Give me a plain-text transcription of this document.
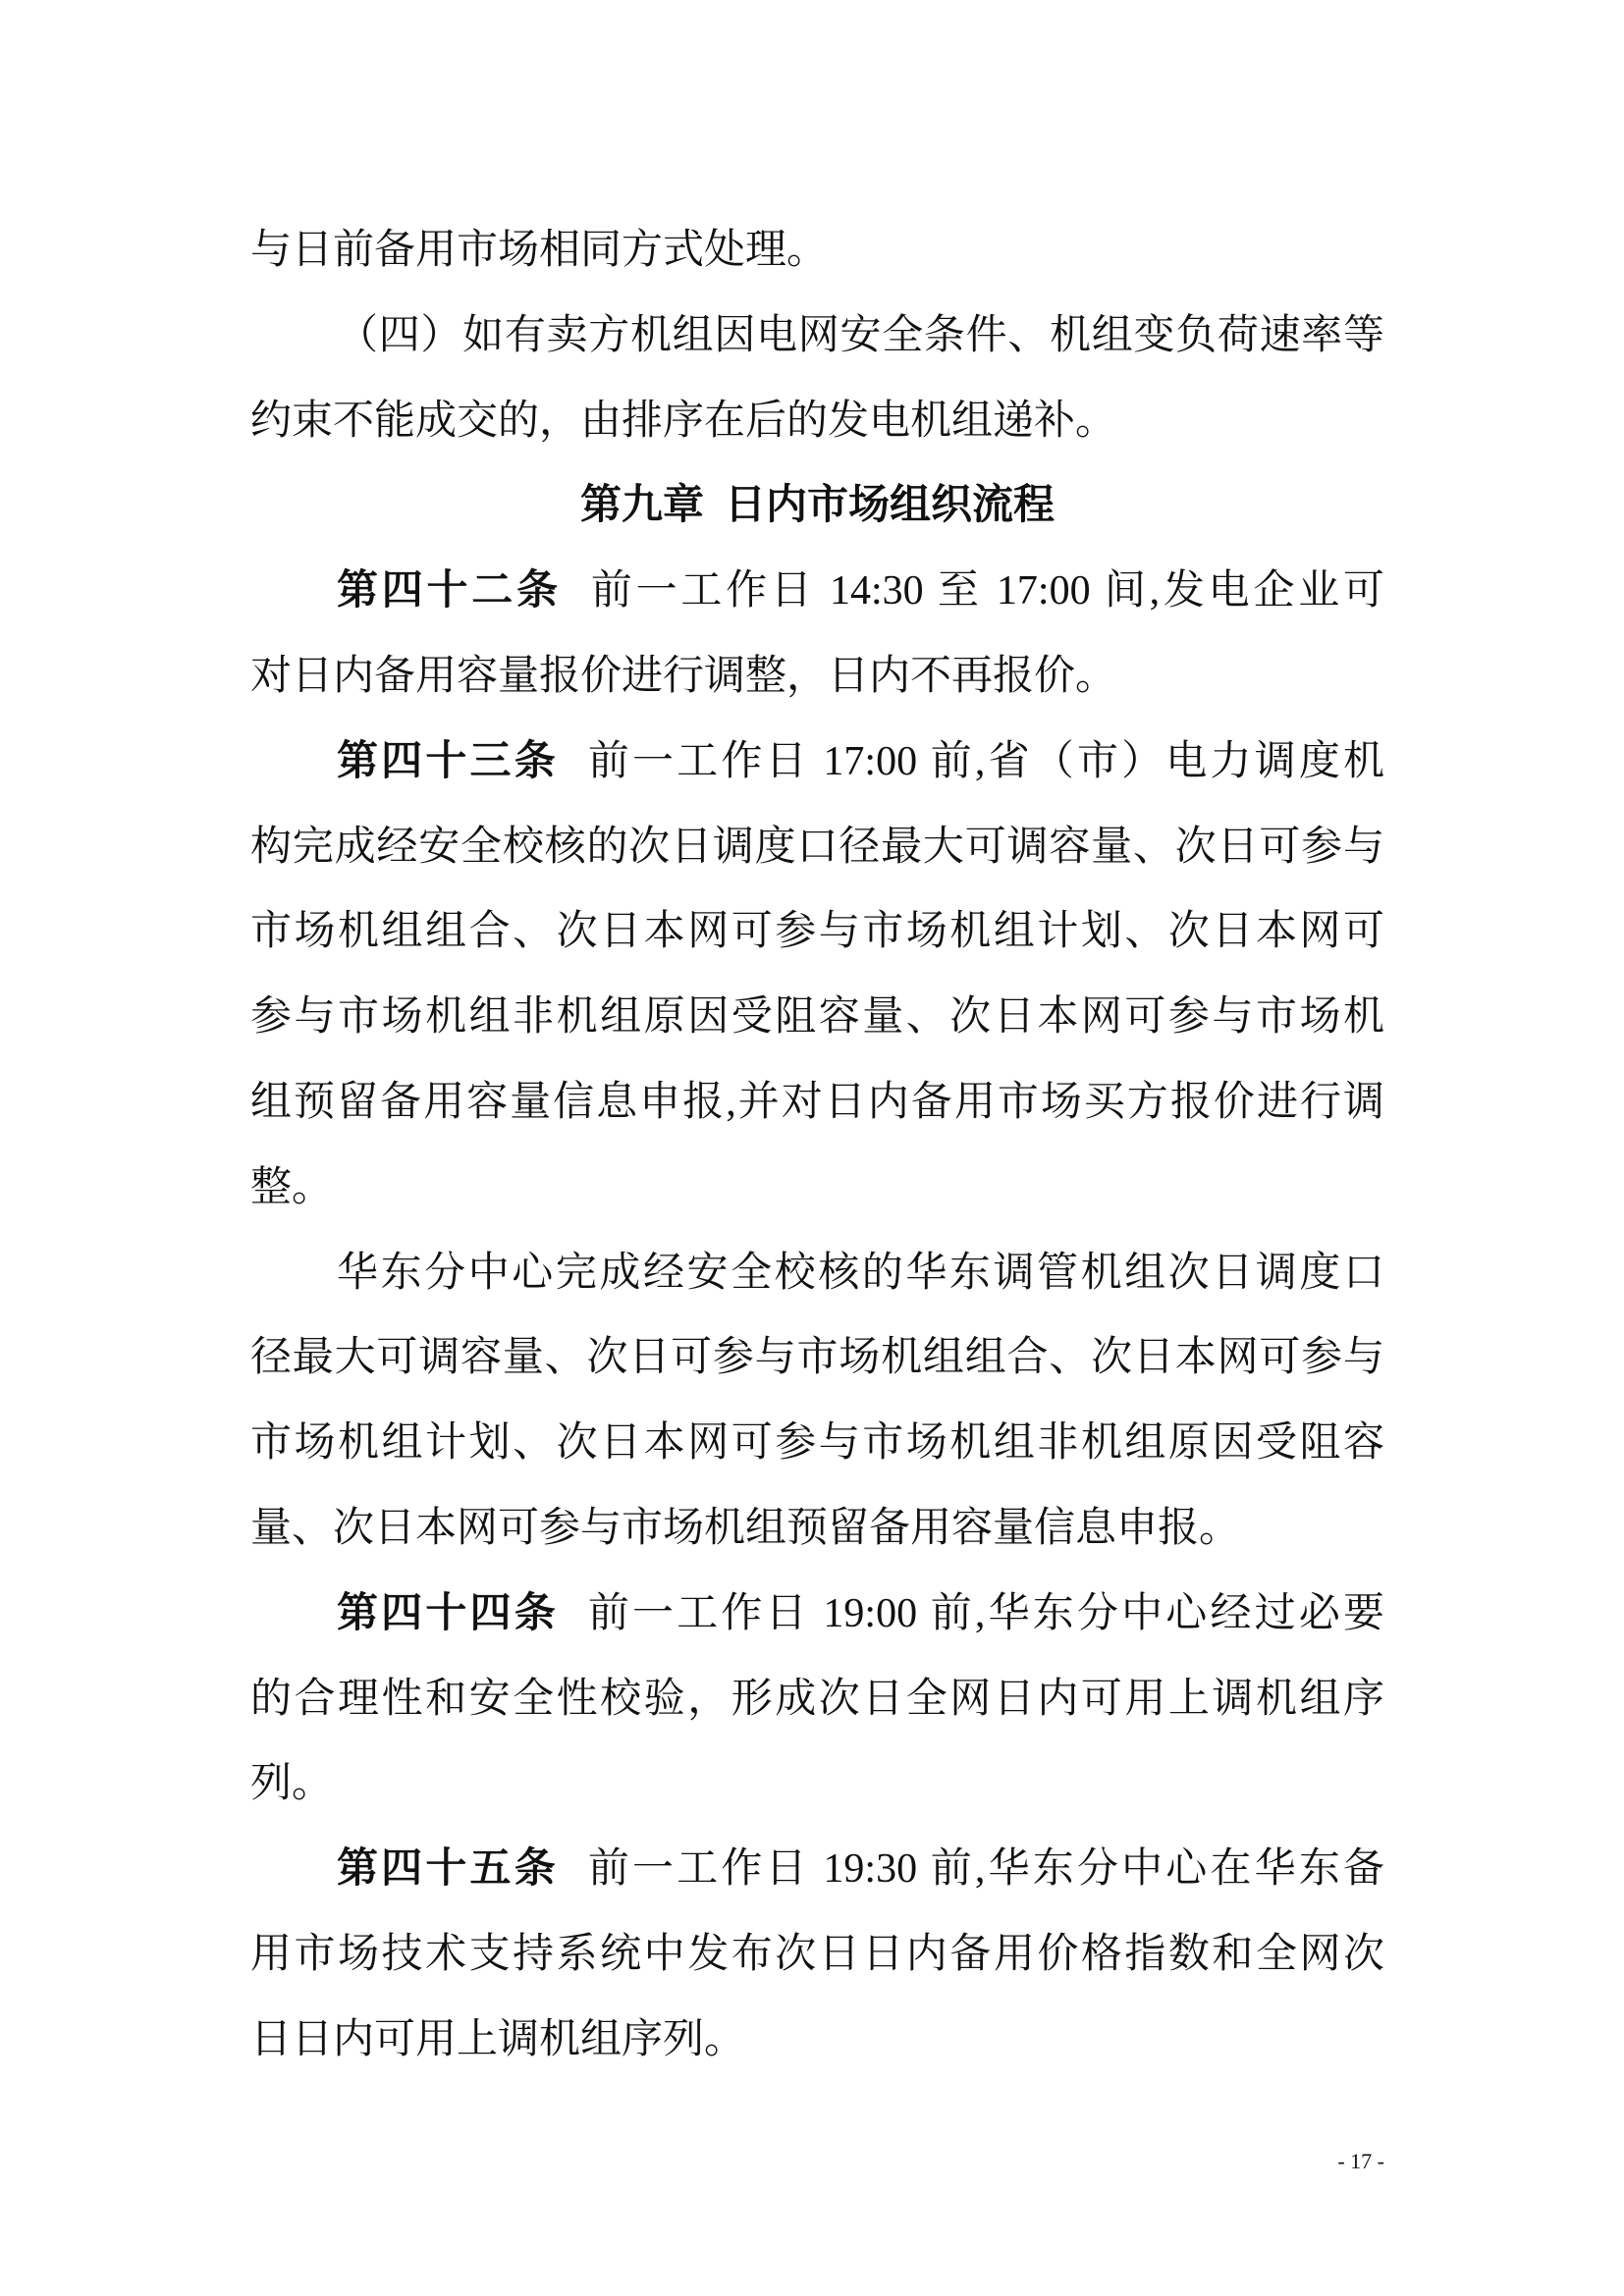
与日前备用市场相同方式处理。
（四）如有卖方机组因电网安全条件、机组变负荷速率等
约束不能成交的，由排序在后的发电机组递补。
第九章  日内市场组织流程
第四十二条 前一工作日 14:30 至 17:00 间,发电企业可
对日内备用容量报价进行调整，日内不再报价。
第四十三条 前一工作日 17:00 前,省（市）电力调度机
构完成经安全校核的次日调度口径最大可调容量、次日可参与
市场机组组合、次日本网可参与市场机组计划、次日本网可
参与市场机组非机组原因受阻容量、次日本网可参与市场机
组预留备用容量信息申报,并对日内备用市场买方报价进行调
整。
华东分中心完成经安全校核的华东调管机组次日调度口
径最大可调容量、次日可参与市场机组组合、次日本网可参与
市场机组计划、次日本网可参与市场机组非机组原因受阻容
量、次日本网可参与市场机组预留备用容量信息申报。
第四十四条 前一工作日 19:00 前,华东分中心经过必要
的合理性和安全性校验，形成次日全网日内可用上调机组序
列。
第四十五条 前一工作日 19:30 前,华东分中心在华东备
用市场技术支持系统中发布次日日内备用价格指数和全网次
日日内可用上调机组序列。
- 17 -
